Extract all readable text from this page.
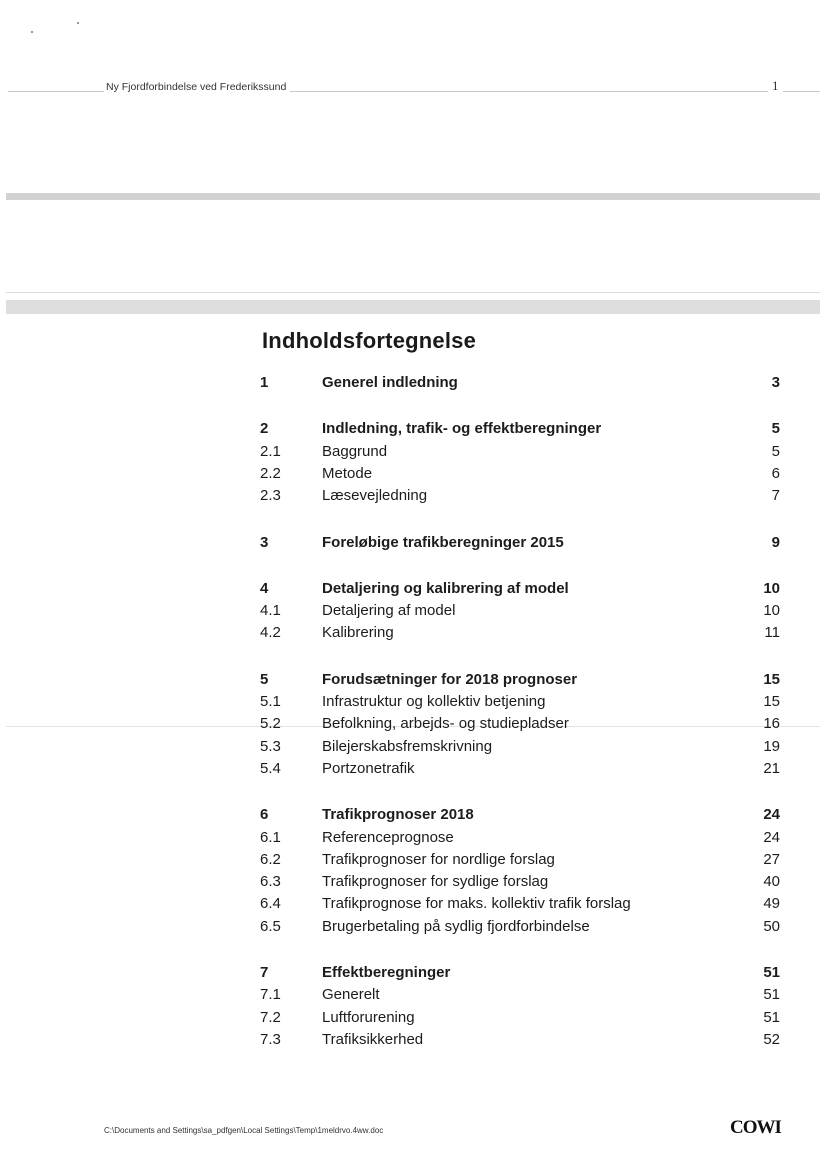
Ny Fjordforbindelse ved Frederikssund	1
Indholdsfortegnelse
1	Generel indledning	3
2	Indledning, trafik- og effektberegninger	5
2.1	Baggrund	5
2.2	Metode	6
2.3	Læsevejledning	7
3	Foreløbige trafikberegninger 2015	9
4	Detaljering og kalibrering af model	10
4.1	Detaljering af model	10
4.2	Kalibrering	11
5	Forudsætninger for 2018 prognoser	15
5.1	Infrastruktur og kollektiv betjening	15
5.2	Befolkning, arbejds- og studiepladser	16
5.3	Bilejerskabsfremskrivning	19
5.4	Portzonetrafik	21
6	Trafikprognoser 2018	24
6.1	Referenceprognose	24
6.2	Trafikprognoser for nordlige forslag	27
6.3	Trafikprognoser for sydlige forslag	40
6.4	Trafikprognose for maks. kollektiv trafik forslag	49
6.5	Brugerbetaling på sydlig fjordforbindelse	50
7	Effektberegninger	51
7.1	Generelt	51
7.2	Luftforurening	51
7.3	Trafiksikkerhed	52
C:\Documents and Settings\sa_pdfgen\Local Settings\Temp\1meldrvo.4ww.doc	COWI
